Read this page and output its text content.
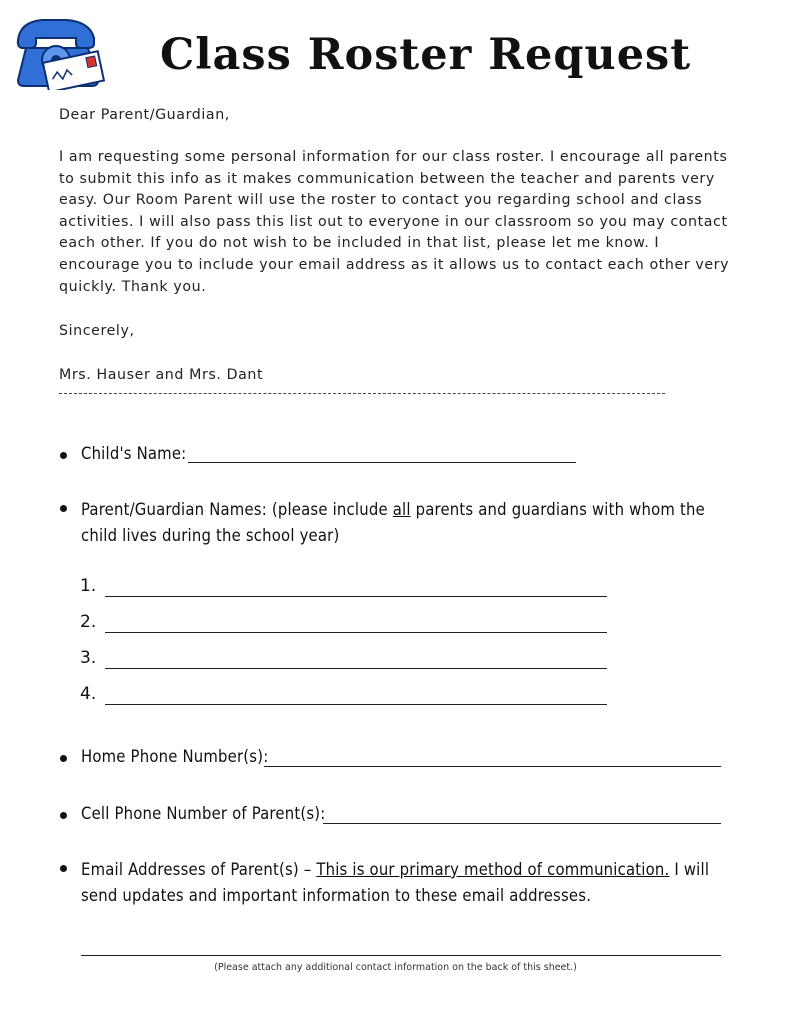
Class Roster Request
Dear Parent/Guardian,
I am requesting some personal information for our class roster. I encourage all parents to submit this info as it makes communication between the teacher and parents very easy. Our Room Parent will use the roster to contact you regarding school and class activities. I will also pass this list out to everyone in our classroom so you may contact each other. If you do not wish to be included in that list, please let me know. I encourage you to include your email address as it allows us to contact each other very quickly. Thank you.
Sincerely,
Mrs. Hauser and Mrs. Dant
Child's Name:
Parent/Guardian Names: (please include all parents and guardians with whom the child lives during the school year)
1.
2.
3.
4.
Home Phone Number(s):
Cell Phone Number of Parent(s):
Email Addresses of Parent(s) – This is our primary method of communication. I will send updates and important information to these email addresses.
(Please attach any additional contact information on the back of this sheet.)
